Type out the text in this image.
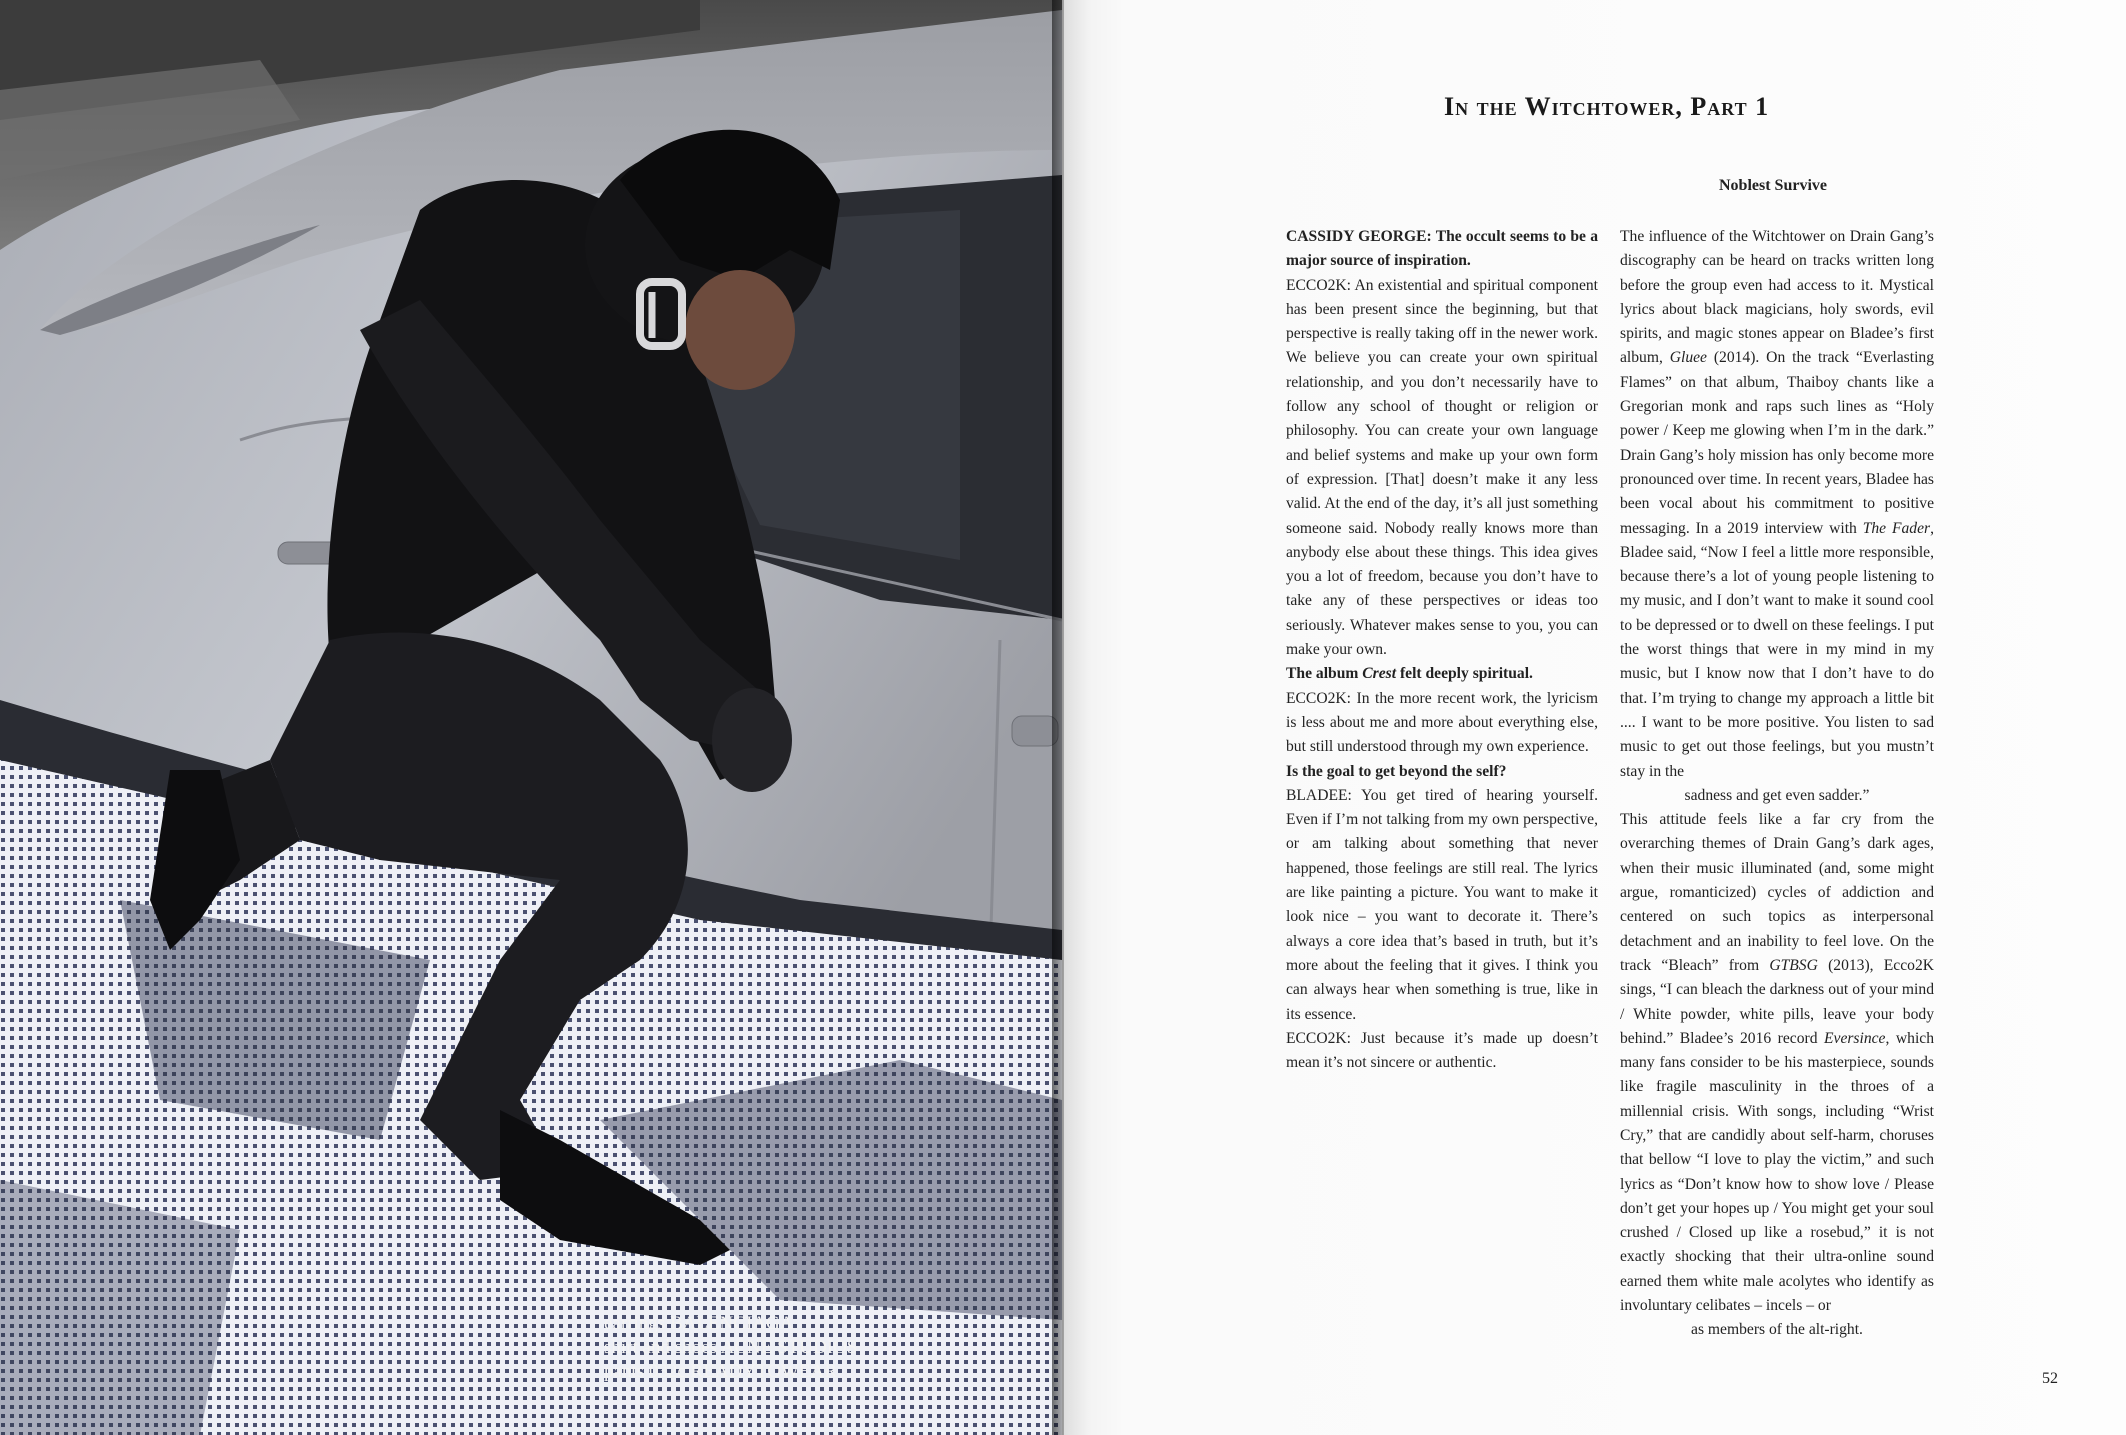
earrings BALENCIAGA
shirt and shoes ACNE STUDIOS
pants 032c READYTOWEAR
In the Witchtower, Part 1
Noblest Survive

CASSIDY GEORGE: The occult seems to be a major source of inspiration.

ECCO2K: An existential and spiritual component has been present since the beginning, but that perspective is really taking off in the newer work. We believe you can create your own spiritual relationship, and you don’t necessarily have to follow any school of thought or religion or philosophy. You can create your own language and belief systems and make up your own form of expression. [That] doesn’t make it any less valid. At the end of the day, it’s all just something someone said. Nobody really knows more than anybody else about these things. This idea gives you a lot of freedom, because you don’t have to take any of these perspectives or ideas too seriously. Whatever makes sense to you, you can make your own.

The album Crest felt deeply spiritual.

ECCO2K: In the more recent work, the lyricism is less about me and more about everything else, but still understood through my own experience.

Is the goal to get beyond the self?

BLADEE: You get tired of hearing yourself. Even if I’m not talking from my own perspective, or am talking about something that never happened, those feelings are still real. The lyrics are like painting a picture. You want to make it look nice – you want to decorate it. There’s always a core idea that’s based in truth, but it’s more about the feeling that it gives. I think you can always hear when something is true, like in its essence.

ECCO2K: Just because it’s made up doesn’t mean it’s not sincere or authentic.

The influence of the Witchtower on Drain Gang’s discography can be heard on tracks written long before the group even had access to it. Mystical lyrics about black magicians, holy swords, evil spirits, and magic stones appear on Bladee’s first album, Gluee (2014). On the track “Everlasting Flames” on that album, Thaiboy chants like a Gregorian monk and raps such lines as “Holy power / Keep me glowing when I’m in the dark.” Drain Gang’s holy mission has only become more pronounced over time. In recent years, Bladee has been vocal about his commitment to positive messaging. In a 2019 interview with The Fader, Bladee said, “Now I feel a little more responsible, because there’s a lot of young people listening to my music, and I don’t want to make it sound cool to be depressed or to dwell on these feelings. I put the worst things that were in my mind in my music, but I know now that I don’t have to do that. I’m trying to change my approach a little bit .... I want to be more positive. You listen to sad music to get out those feelings, but you mustn’t stay in the

sadness and get even sadder.”

This attitude feels like a far cry from the overarching themes of Drain Gang’s dark ages, when their music illuminated (and, some might argue, romanticized) cycles of addiction and centered on such topics as interpersonal detachment and an inability to feel love. On the track “Bleach” from GTBSG (2013), Ecco2K sings, “I can bleach the darkness out of your mind / White powder, white pills, leave your body behind.” Bladee’s 2016 record Eversince, which many fans consider to be his masterpiece, sounds like fragile masculinity in the throes of a millennial crisis. With songs, including “Wrist Cry,” that are candidly about self-harm, choruses that bellow “I love to play the victim,” and such lyrics as “Don’t know how to show love / Please don’t get your hopes up / You might get your soul crushed / Closed up like a rosebud,” it is not exactly shocking that their ultra-online sound earned them white male acolytes who identify as involuntary celibates – incels – or

as members of the alt-right.

52
